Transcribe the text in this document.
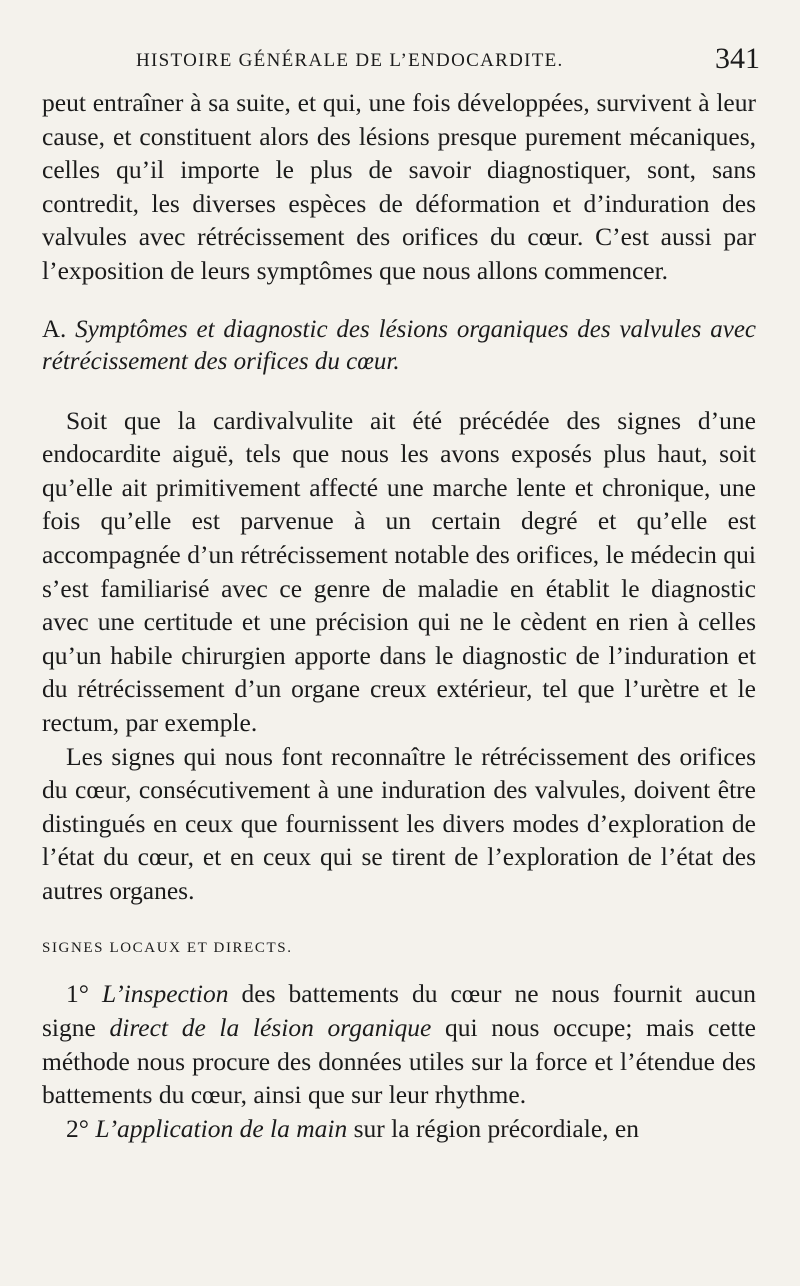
HISTOIRE GÉNÉRALE DE L’ENDOCARDITE.	341

peut entraîner à sa suite, et qui, une fois développées, survivent à leur cause, et constituent alors des lésions presque purement mécaniques, celles qu’il importe le plus de savoir diagnostiquer, sont, sans contredit, les diverses espèces de déformation et d’induration des valvules avec rétrécissement des orifices du cœur. C’est aussi par l’exposition de leurs symptômes que nous allons commencer.

A. Symptômes et diagnostic des lésions organiques des valvules avec rétrécissement des orifices du cœur.

Soit que la cardivalvulite ait été précédée des signes d’une endocardite aiguë, tels que nous les avons exposés plus haut, soit qu’elle ait primitivement affecté une marche lente et chronique, une fois qu’elle est parvenue à un certain degré et qu’elle est accompagnée d’un rétrécissement notable des orifices, le médecin qui s’est familiarisé avec ce genre de maladie en établit le diagnostic avec une certitude et une précision qui ne le cèdent en rien à celles qu’un habile chirurgien apporte dans le diagnostic de l’induration et du rétrécissement d’un organe creux extérieur, tel que l’urètre et le rectum, par exemple.

Les signes qui nous font reconnaître le rétrécissement des orifices du cœur, consécutivement à une induration des valvules, doivent être distingués en ceux que fournissent les divers modes d’exploration de l’état du cœur, et en ceux qui se tirent de l’exploration de l’état des autres organes.

SIGNES LOCAUX ET DIRECTS.

1° L’inspection des battements du cœur ne nous fournit aucun signe direct de la lésion organique qui nous occupe; mais cette méthode nous procure des données utiles sur la force et l’étendue des battements du cœur, ainsi que sur leur rhythme.

2° L’application de la main sur la région précordiale, en
